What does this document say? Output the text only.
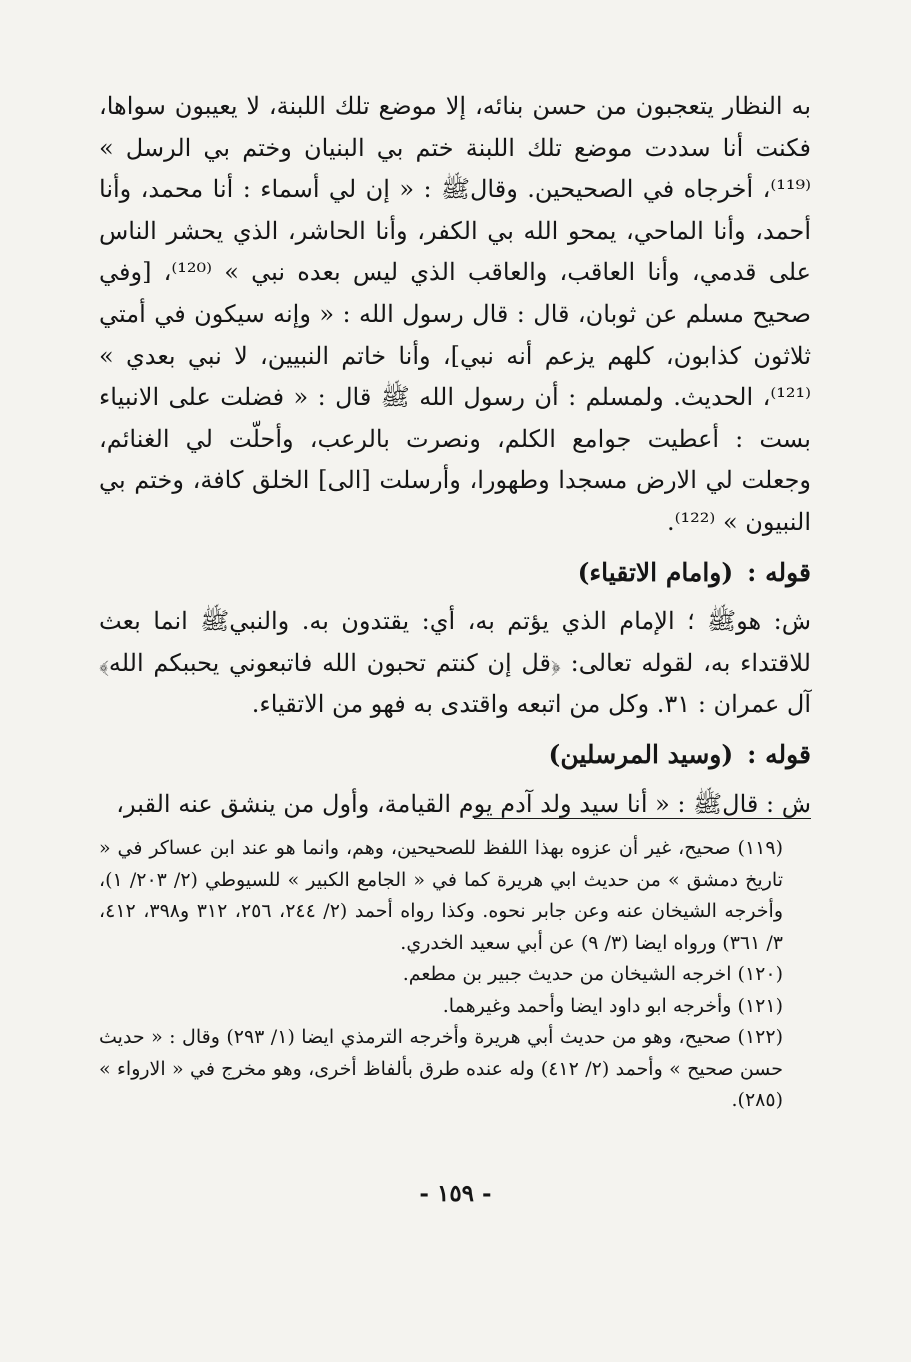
به النظار يتعجبون من حسن بنائه، إلا موضع تلك اللبنة، لا يعيبون سواها، فكنت أنا سددت موضع تلك اللبنة ختم بي البنيان وختم بي الرسل » ⁽¹¹⁹⁾، أخرجاه في الصحيحين. وقالﷺ : « إن لي أسماء : أنا محمد، وأنا أحمد، وأنا الماحي، يمحو الله بي الكفر، وأنا الحاشر، الذي يحشر الناس على قدمي، وأنا العاقب، والعاقب الذي ليس بعده نبي » ⁽¹²⁰⁾، [وفي صحيح مسلم عن ثوبان، قال : قال رسول الله : « وإنه سيكون في أمتي ثلاثون كذابون، كلهم يزعم أنه نبي]، وأنا خاتم النبيين، لا نبي بعدي » ⁽¹²¹⁾، الحديث. ولمسلم : أن رسول الله ﷺ قال : « فضلت على الانبياء بست : أعطيت جوامع الكلم، ونصرت بالرعب، وأحلّت لي الغنائم، وجعلت لي الارض مسجدا وطهورا، وأرسلت [الى] الخلق كافة، وختم بي النبيون » ⁽¹²²⁾.

قوله :(وامام الاتقياء)

ش: هوﷺ ؛ الإمام الذي يؤتم به، أي: يقتدون به. والنبيﷺ انما بعث للاقتداء به، لقوله تعالى: ﴿قل إن كنتم تحبون الله فاتبعوني يحببكم الله﴾ آل عمران : ٣١. وكل من اتبعه واقتدى به فهو من الاتقياء.

قوله :(وسيد المرسلين)

ش : قالﷺ : « أنا سيد ولد آدم يوم القيامة، وأول من ينشق عنه القبر،

(١١٩) صحيح، غير أن عزوه بهذا اللفظ للصحيحين، وهم، وانما هو عند ابن عساكر في « تاريخ دمشق » من حديث ابي هريرة كما في « الجامع الكبير » للسيوطي (٢/ ٢٠٣/ ١)، وأخرجه الشيخان عنه وعن جابر نحوه. وكذا رواه أحمد (٢/ ٢٤٤، ٢٥٦، ٣١٢ و٣٩٨، ٤١٢، ٣/ ٣٦١) ورواه ايضا (٣/ ٩) عن أبي سعيد الخدري.

(١٢٠) اخرجه الشيخان من حديث جبير بن مطعم.

(١٢١) وأخرجه ابو داود ايضا وأحمد وغيرهما.

(١٢٢) صحيح، وهو من حديث أبي هريرة وأخرجه الترمذي ايضا (١/ ٢٩٣) وقال : « حديث حسن صحيح » وأحمد (٢/ ٤١٢) وله عنده طرق بألفاظ أخرى، وهو مخرج في « الارواء » (٢٨٥).

- ١٥٩ -
